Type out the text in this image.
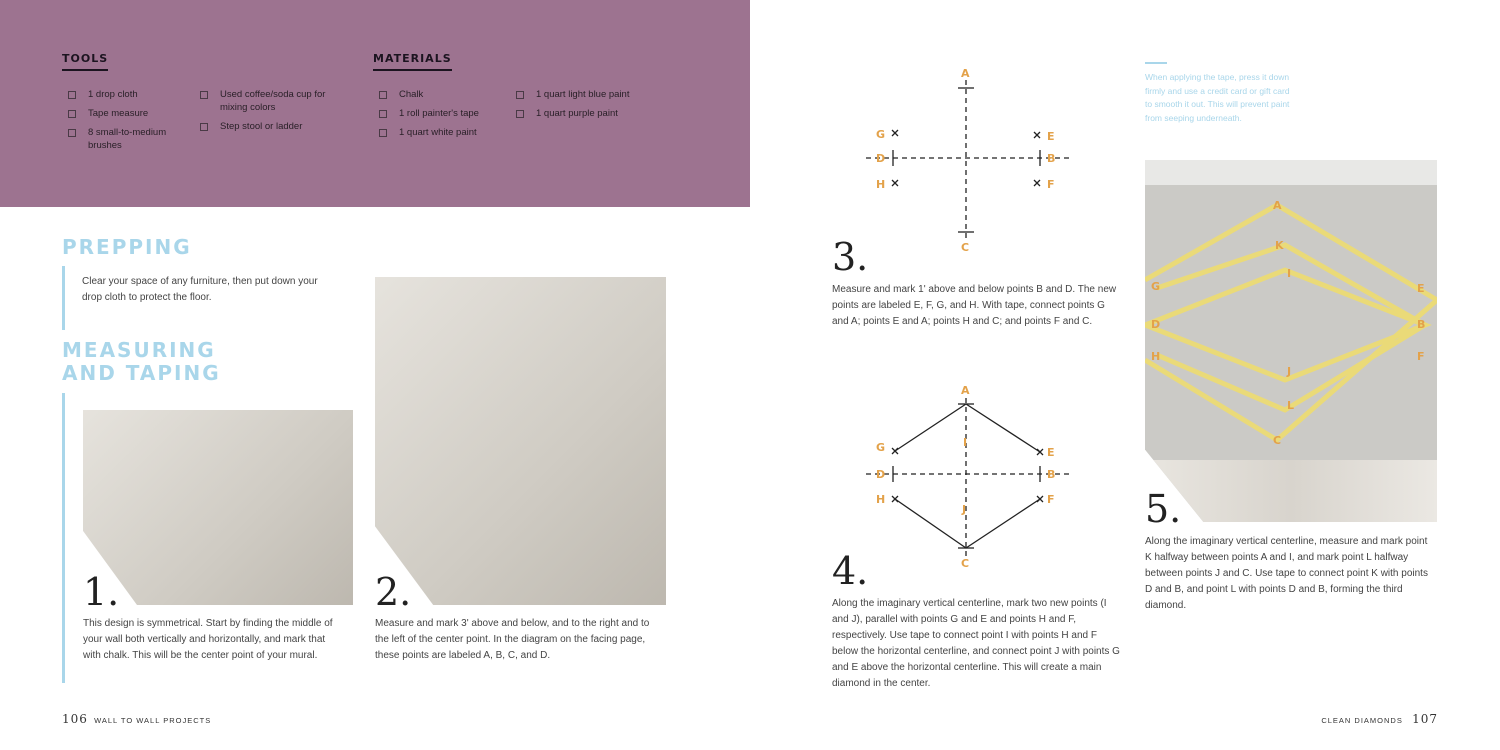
TOOLS
1 drop cloth
Tape measure
8 small-to-medium brushes
Used coffee/soda cup for mixing colors
Step stool or ladder
MATERIALS
Chalk
1 roll painter's tape
1 quart white paint
1 quart light blue paint
1 quart purple paint
PREPPING
Clear your space of any furniture, then put down your drop cloth to protect the floor.
MEASURING
AND TAPING
1.
This design is symmetrical. Start by finding the middle of your wall both vertically and horizontally, and mark that with chalk. This will be the center point of your mural.
2.
Measure and mark 3' above and below, and to the right and to the left of the center point. In the diagram on the facing page, these points are labeled A, B, C, and D.
106 WALL TO WALL PROJECTS
A
B
C
D
E
F
G
H
3.
Measure and mark 1' above and below points B and D. The new points are labeled E, F, G, and H. With tape, connect points G and A; points E and A; points H and C; and points F and C.
A
B
C
D
E
F
G
H
I
J
4.
Along the imaginary vertical centerline, mark two new points (I and J), parallel with points G and E and points H and F, respectively. Use tape to connect point I with points H and F below the horizontal centerline, and connect point J with points G and E above the horizontal centerline. This will create a main diamond in the center.
When applying the tape, press it down firmly and use a credit card or gift card to smooth it out. This will prevent paint from seeping underneath.
A
K
I
G	E
D	B
H	F
J
L
C
5.
Along the imaginary vertical centerline, measure and mark point K halfway between points A and I, and mark point L halfway between points J and C. Use tape to connect point K with points D and B, and point L with points D and B, forming the third diamond.
CLEAN DIAMONDS 107
